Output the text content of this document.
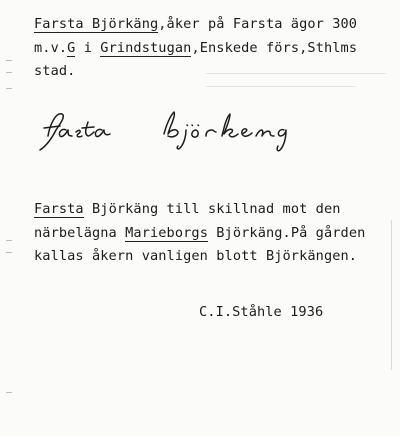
Farsta Björkäng,åker på Farsta ägor 300
m.v.G i Grindstugan,Enskede förs,Sthlms
stad.
Farsta Björkäng till skillnad mot den
närbelägna Marieborgs Björkäng.På gården
kallas åkern vanligen blott Björkängen.
C.I.Ståhle 1936
